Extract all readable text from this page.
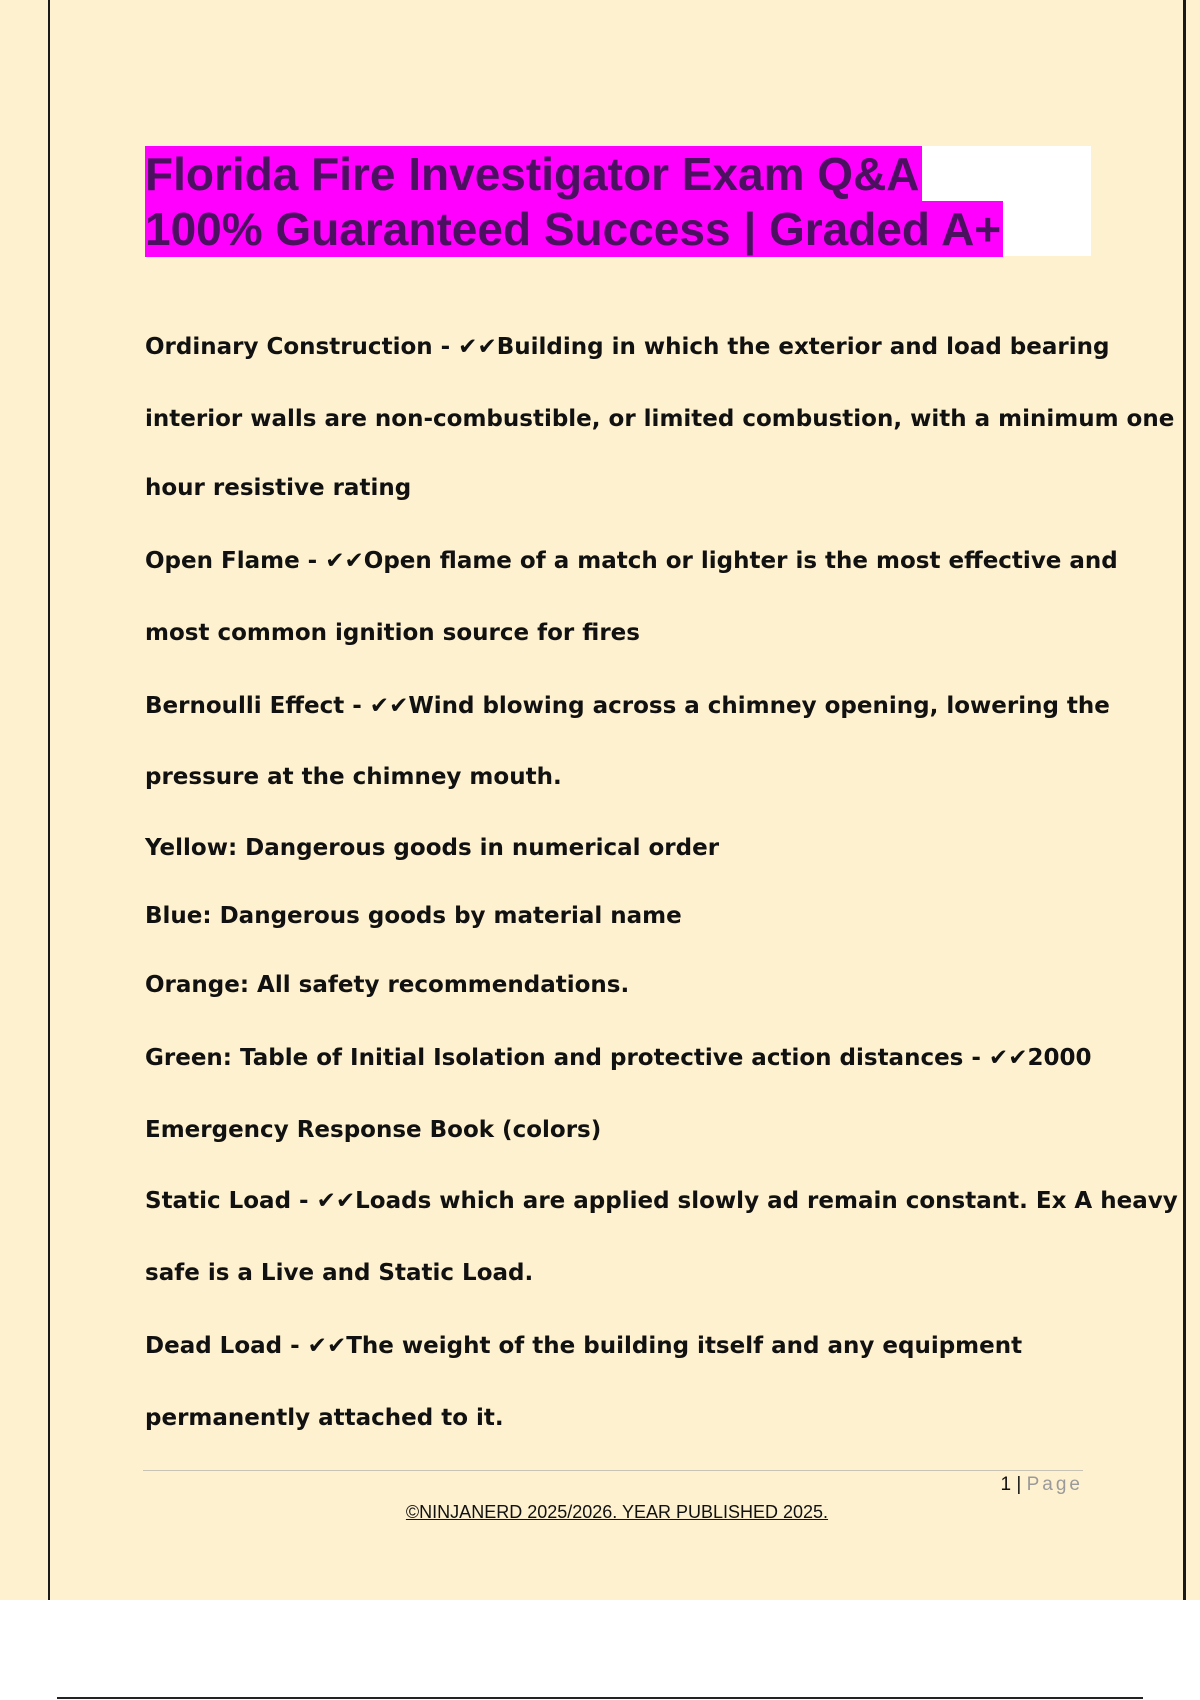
Florida Fire Investigator Exam Q&A
100% Guaranteed Success | Graded A+
Ordinary Construction - ✔✔Building in which the exterior and load bearing
interior walls are non-combustible, or limited combustion, with a minimum one
hour resistive rating
Open Flame - ✔✔Open flame of a match or lighter is the most effective and
most common ignition source for fires
Bernoulli Effect - ✔✔Wind blowing across a chimney opening, lowering the
pressure at the chimney mouth.
Yellow: Dangerous goods in numerical order
Blue: Dangerous goods by material name
Orange: All safety recommendations.
Green: Table of Initial Isolation and protective action distances - ✔✔2000
Emergency Response Book (colors)
Static Load - ✔✔Loads which are applied slowly ad remain constant. Ex A heavy
safe is a Live and Static Load.
Dead Load - ✔✔The weight of the building itself and any equipment
permanently attached to it.
1 | Page
©NINJANERD 2025/2026. YEAR PUBLISHED 2025.
